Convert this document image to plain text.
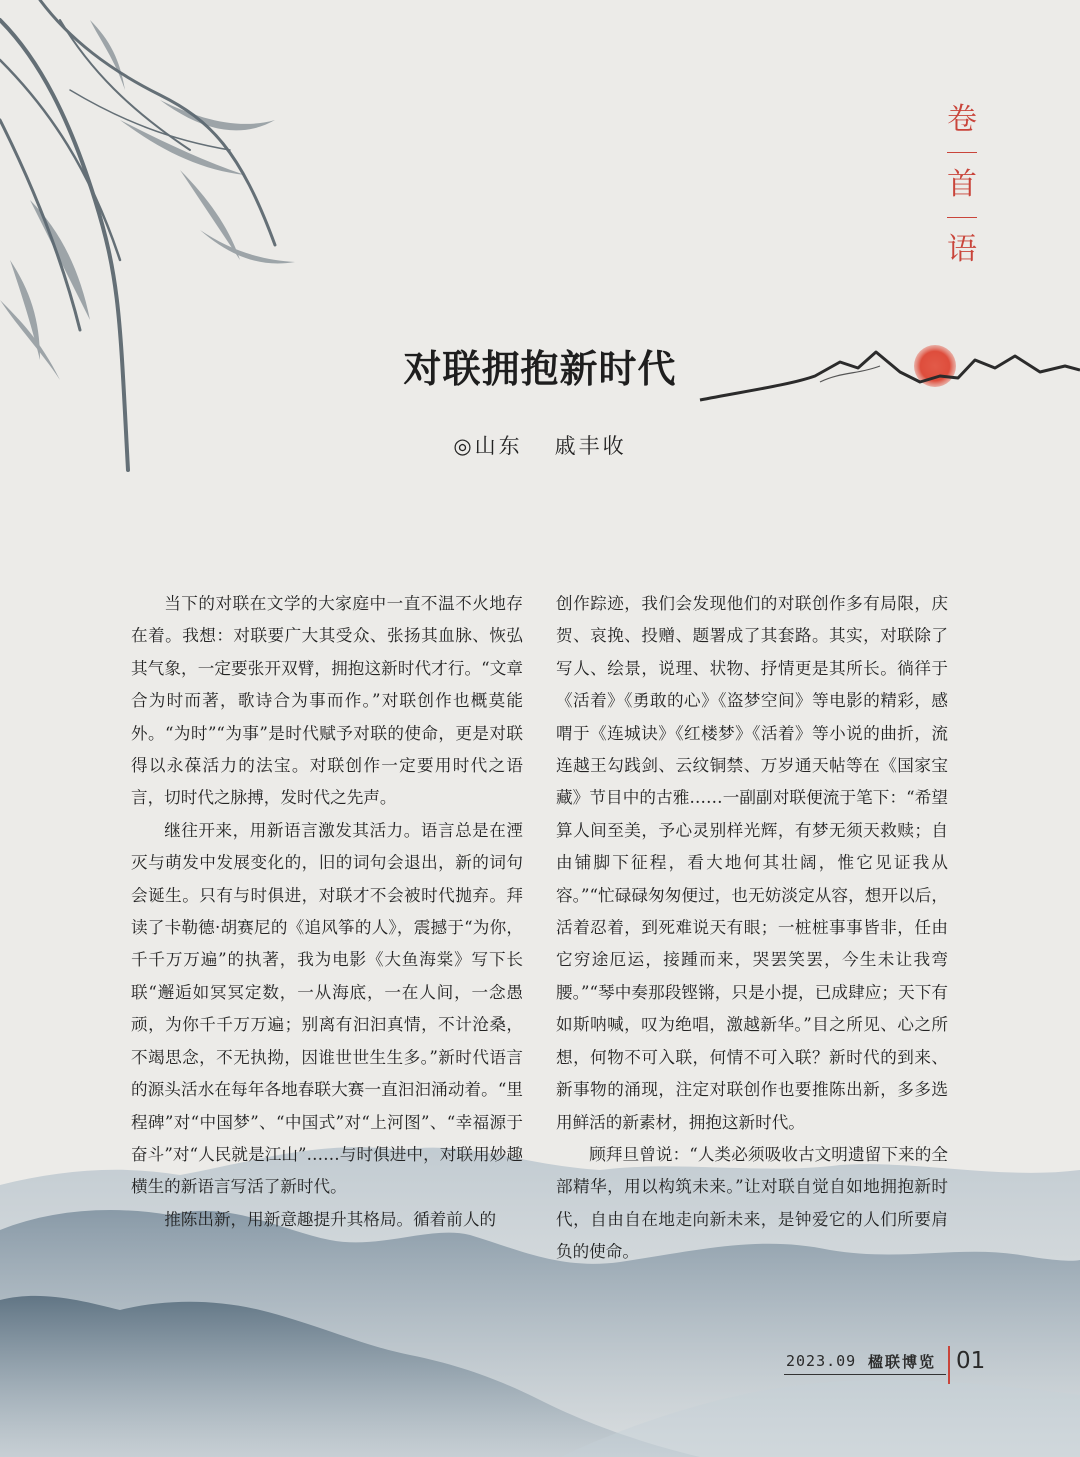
卷
首
语
对联拥抱新时代
◎山东 戚丰收

当下的对联在文学的大家庭中一直不温不火地存在着。我想：对联要广大其受众、张扬其血脉、恢弘其气象，一定要张开双臂，拥抱这新时代才行。“文章合为时而著，歌诗合为事而作。”对联创作也概莫能外。“为时”“为事”是时代赋予对联的使命，更是对联得以永葆活力的法宝。对联创作一定要用时代之语言，切时代之脉搏，发时代之先声。

继往开来，用新语言激发其活力。语言总是在湮灭与萌发中发展变化的，旧的词句会退出，新的词句会诞生。只有与时俱进，对联才不会被时代抛弃。拜读了卡勒德·胡赛尼的《追风筝的人》，震撼于“为你，千千万万遍”的执著，我为电影《大鱼海棠》写下长联“邂逅如冥冥定数，一从海底，一在人间，一念愚顽，为你千千万万遍；别离有汩汩真情，不计沧桑，不竭思念，不无执拗，因谁世世生生多。”新时代语言的源头活水在每年各地春联大赛一直汩汩涌动着。“里程碑”对“中国梦”、“中国式”对“上河图”、“幸福源于奋斗”对“人民就是江山”……与时俱进中，对联用妙趣横生的新语言写活了新时代。

推陈出新，用新意趣提升其格局。循着前人的

创作踪迹，我们会发现他们的对联创作多有局限，庆贺、哀挽、投赠、题署成了其套路。其实，对联除了写人、绘景，说理、状物、抒情更是其所长。徜徉于《活着》《勇敢的心》《盗梦空间》等电影的精彩，感喟于《连城诀》《红楼梦》《活着》等小说的曲折，流连越王勾践剑、云纹铜禁、万岁通天帖等在《国家宝藏》节目中的古雅……一副副对联便流于笔下：“希望算人间至美，予心灵别样光辉，有梦无须天救赎；自由铺脚下征程，看大地何其壮阔，惟它见证我从容。”“忙碌碌匆匆便过，也无妨淡定从容，想开以后，活着忍着，到死难说天有眼；一桩桩事事皆非，任由它穷途厄运，接踵而来，哭罢笑罢，今生未让我弯腰。”“琴中奏那段铿锵，只是小提，已成肆应；天下有如斯呐喊，叹为绝唱，激越新华。”目之所见、心之所想，何物不可入联，何情不可入联？新时代的到来、新事物的涌现，注定对联创作也要推陈出新，多多选用鲜活的新素材，拥抱这新时代。

顾拜旦曾说：“人类必须吸收古文明遗留下来的全部精华，用以构筑未来。”让对联自觉自如地拥抱新时代，自由自在地走向新未来，是钟爱它的人们所要肩负的使命。

2023.09 楹联博览 01
